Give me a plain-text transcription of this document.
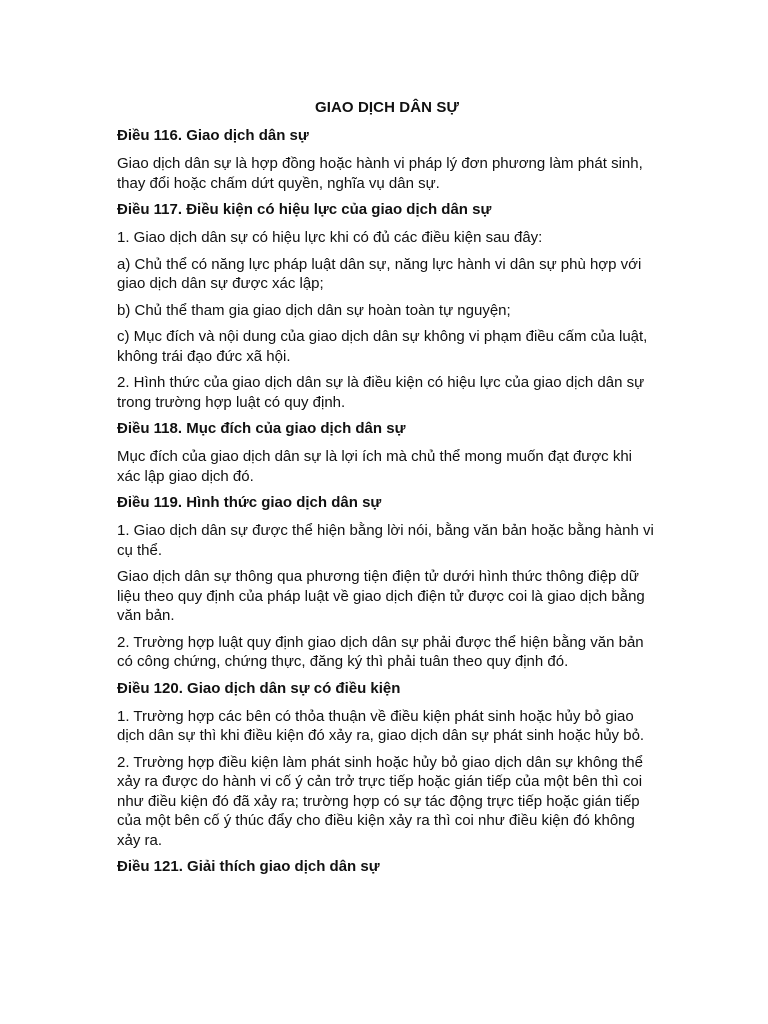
GIAO DỊCH DÂN SỰ
Điều 116. Giao dịch dân sự

Giao dịch dân sự là hợp đồng hoặc hành vi pháp lý đơn phương làm phát sinh, thay đổi hoặc chấm dứt quyền, nghĩa vụ dân sự.

Điều 117. Điều kiện có hiệu lực của giao dịch dân sự

1. Giao dịch dân sự có hiệu lực khi có đủ các điều kiện sau đây:

a) Chủ thể có năng lực pháp luật dân sự, năng lực hành vi dân sự phù hợp với giao dịch dân sự được xác lập;

b) Chủ thể tham gia giao dịch dân sự hoàn toàn tự nguyện;

c) Mục đích và nội dung của giao dịch dân sự không vi phạm điều cấm của luật, không trái đạo đức xã hội.

2. Hình thức của giao dịch dân sự là điều kiện có hiệu lực của giao dịch dân sự trong trường hợp luật có quy định.

Điều 118. Mục đích của giao dịch dân sự

Mục đích của giao dịch dân sự là lợi ích mà chủ thể mong muốn đạt được khi xác lập giao dịch đó.

Điều 119. Hình thức giao dịch dân sự

1. Giao dịch dân sự được thể hiện bằng lời nói, bằng văn bản hoặc bằng hành vi cụ thể.

Giao dịch dân sự thông qua phương tiện điện tử dưới hình thức thông điệp dữ liệu theo quy định của pháp luật về giao dịch điện tử được coi là giao dịch bằng văn bản.

2. Trường hợp luật quy định giao dịch dân sự phải được thể hiện bằng văn bản có công chứng, chứng thực, đăng ký thì phải tuân theo quy định đó.

Điều 120. Giao dịch dân sự có điều kiện

1. Trường hợp các bên có thỏa thuận về điều kiện phát sinh hoặc hủy bỏ giao dịch dân sự thì khi điều kiện đó xảy ra, giao dịch dân sự phát sinh hoặc hủy bỏ.

2. Trường hợp điều kiện làm phát sinh hoặc hủy bỏ giao dịch dân sự không thể xảy ra được do hành vi cố ý cản trở trực tiếp hoặc gián tiếp của một bên thì coi như điều kiện đó đã xảy ra; trường hợp có sự tác động trực tiếp hoặc gián tiếp của một bên cố ý thúc đẩy cho điều kiện xảy ra thì coi như điều kiện đó không xảy ra.

Điều 121. Giải thích giao dịch dân sự
